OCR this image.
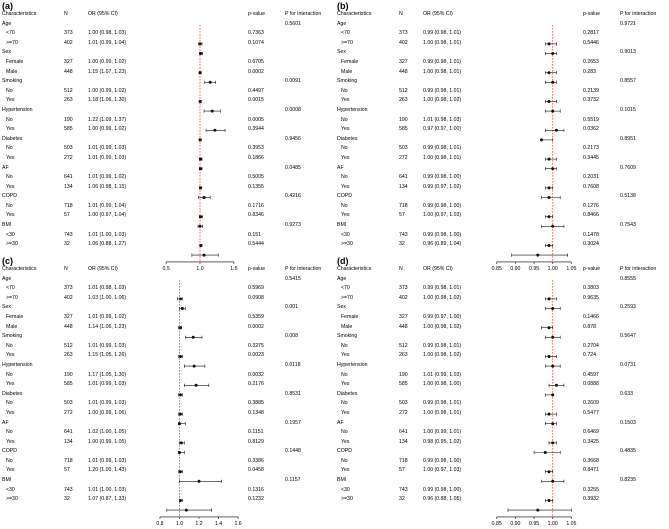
(a)
Characteristics	N	OR (95% CI)	p-value	P for interaction
Age	0.5601
<70	373	1.00 (0.98, 1.03)	0.7363
>=70	402	1.01 (0.99, 1.04)	0.1074
Sex
Female	327	1.00 (0.99, 1.02)	0.6705
Male	448	1.15 (1.07, 1.23)	0.0002
Smoking	0.0091
No	512	1.00 (0.99, 1.02)	0.4497
Yes	263	1.18 (1.06, 1.30)	0.0015
Hypertension	0.0008
No	190	1.22 (1.09, 1.37)	0.0005
Yes	585	1.00 (0.99, 1.02)	0.3944
Diabetes	0.9456
No	503	1.01 (0.99, 1.03)	0.3953
Yes	272	1.01 (0.99, 1.03)	0.1866
AF	0.0485
No	641	1.01 (0.99, 1.02)	0.5005
Yes	134	1.06 (0.98, 1.15)	0.1355
COPD	0.4216
No	718	1.01 (0.99, 1.04)	0.1716
Yes	57	1.00 (0.97, 1.04)	0.8346
BMI	0.9273
<30	743	1.01 (1.00, 1.03)	0.151
>=30	32	1.06 (0.88, 1.27)	0.5444
0.5	1.0	1.5
(b)
Characteristics	N	OR (95% CI)	p-value	P for interaction
Age	0.9721
<70	373	0.99 (0.98, 1.01)	0.2817
>=70	402	1.00 (0.98, 1.01)	0.5446
Sex	0.9013
Female	327	0.99 (0.98, 1.01)	0.2653
Male	448	1.00 (0.98, 1.01)	0.283
Smoking	0.8557
No	512	0.99 (0.98, 1.01)	0.2139
Yes	263	1.00 (0.98, 1.02)	0.3732
Hypertension	0.1015
No	190	1.01 (0.98, 1.03)	0.5519
Yes	585	0.97 (0.97, 1.00)	0.0362
Diabetes	0.8951
No	503	0.99 (0.98, 1.01)	0.2173
Yes	272	1.00 (0.98, 1.01)	0.3445
AF	0.7609
No	641	0.99 (0.98, 1.00)	0.2031
Yes	134	0.99 (0.97, 1.02)	0.7608
COPD	0.5138
No	718	0.99 (0.98, 1.00)	0.1276
Yes	57	1.00 (0.97, 1.03)	0.8466
BMI	0.7543
<30	743	0.99 (0.98, 1.00)	0.1478
>=30	32	0.96 (0.89, 1.04)	0.3024
0.85 0.90 0.95 1.00 1.05
(c)
Characteristics	N	OR (95% CI)	p-value	P for interaction
Age	0.5415
<70	373	1.01 (0.98, 1.03)	0.5969
>=70	402	1.03 (1.00, 1.06)	0.0908
Sex	0.001
Female	327	1.01 (0.99, 1.02)	0.5359
Male	448	1.14 (1.06, 1.23)	0.0002
Smoking	0.008
No	512	1.01 (0.99, 1.03)	0.3275
Yes	263	1.15 (1.05, 1.26)	0.0023
Hypertension	0.0118
No	190	1.17 (1.05, 1.30)	0.0032
Yes	585	1.01 (0.99, 1.03)	0.2176
Diabetes	0.8531
No	503	1.01 (0.99, 1.03)	0.3885
Yes	272	1.00 (0.99, 1.06)	0.1348
AF	0.1957
No	641	1.02 (1.00, 1.05)	0.1151
Yes	134	1.00 (0.99, 1.05)	0.8129
COPD	0.1448
No	718	1.01 (0.99, 1.03)	0.3386
Yes	57	1.20 (1.00, 1.43)	0.0458
BMI	0.1157
<30	743	1.01 (1.00, 1.03)	0.1316
>=30	32	1.07 (0.87, 1.33)	0.1232
0.8 1.0 1.2 1.4 1.6
(d)
Characteristics	N	OR (95% CI)	p-value	P for interaction
Age	0.8555
<70	373	0.99 (0.98, 1.01)	0.3803
>=70	402	1.00 (0.98, 1.02)	0.9635
Sex	0.2593
Female	327	0.99 (0.97, 1.00)	0.1466
Male	448	1.00 (0.98, 1.02)	0.878
Smoking	0.5647
No	512	0.99 (0.98, 1.01)	0.2704
Yes	263	1.00 (0.98, 1.02)	0.724
Hypertension	0.0731
No	190	1.01 (0.99, 1.03)	0.4597
Yes	585	1.00 (0.98, 1.00)	0.0888
Diabetes	0.633
No	503	0.99 (0.98, 1.01)	0.2609
Yes	272	1.00 (0.98, 1.01)	0.5477
AF	0.1503
No	641	1.00 (0.99, 1.01)	0.6469
Yes	134	0.98 (0.95, 1.02)	0.3425
COPD	0.4835
No	718	0.99 (0.98, 1.00)	0.3668
Yes	57	1.00 (0.97, 1.03)	0.8471
BMI	0.8235
<30	743	0.99 (0.98, 1.00)	0.3255
>=30	32	0.96 (0.88, 1.05)	0.3932
0.85 0.90 0.95 1.00 1.05
